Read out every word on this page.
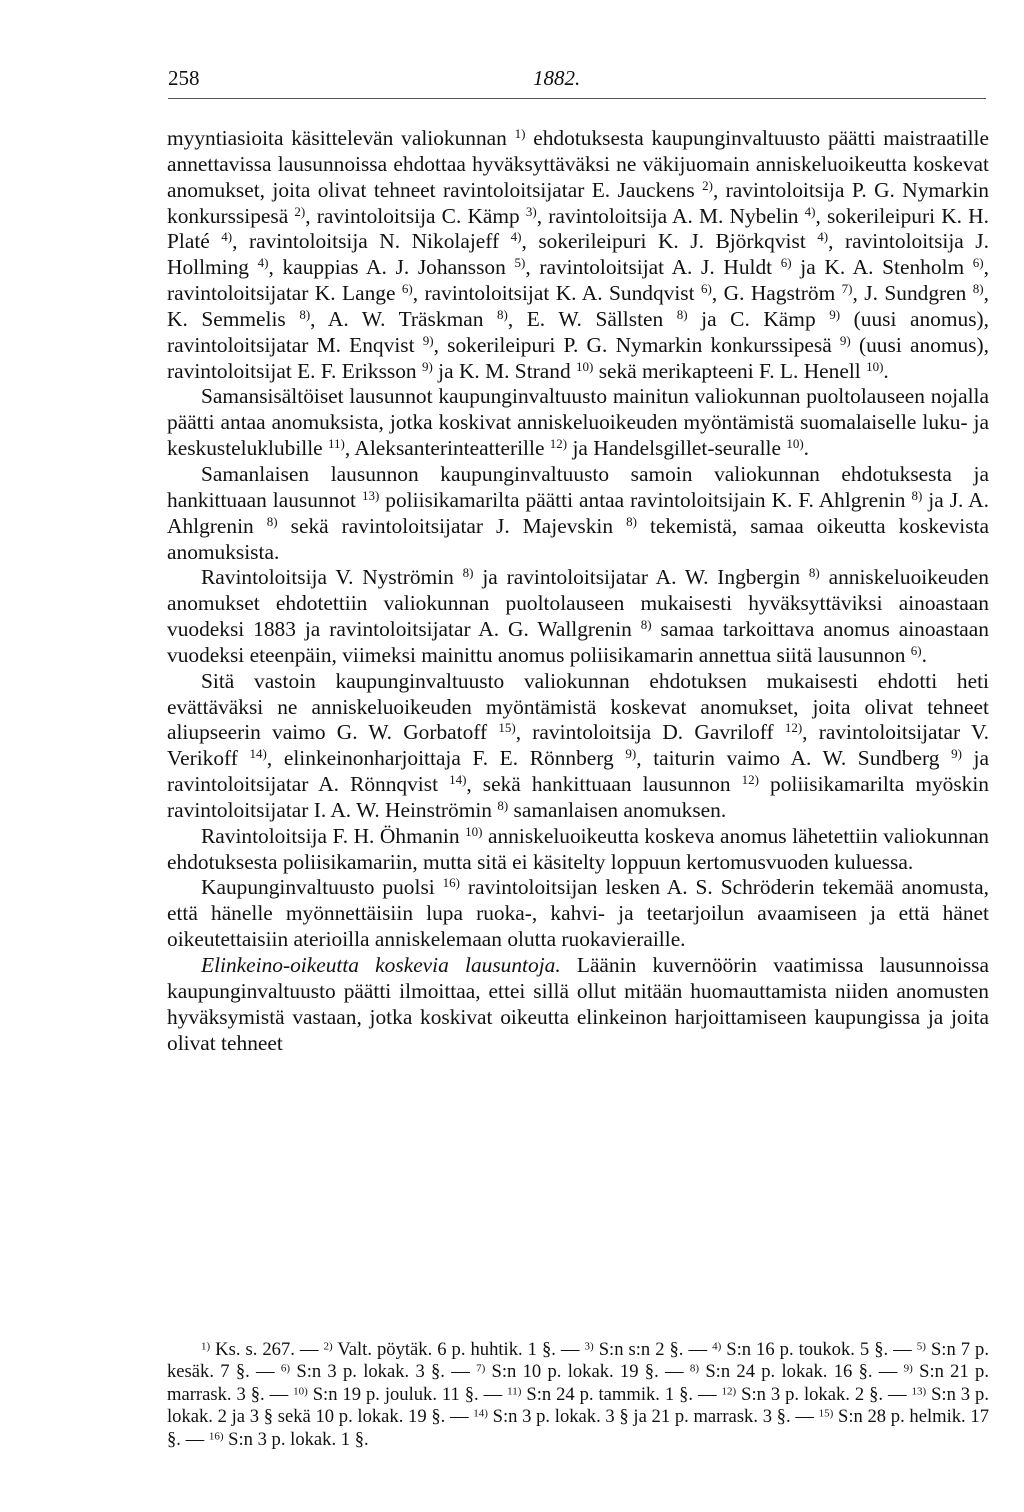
258	1882.

myyntiasioita käsittelevän valiokunnan $^{1)}$ ehdotuksesta kaupunginvaltuusto päätti maistraatille annettavissa lausunnoissa ehdottaa hyväksyttäväksi ne väkijuomain anniskeluoikeutta koskevat anomukset, joita olivat tehneet ravintoloitsijatar E. Jauckens $^{2)}$, ravintoloitsija P. G. Nymarkin konkurssipesä $^{2)}$, ravintoloitsija C. Kämp $^{3)}$, ravintoloitsija A. M. Nybelin $^{4)}$, sokerileipuri K. H. Platé $^{4)}$, ravintoloitsija N. Nikolajeff $^{4)}$, sokerileipuri K. J. Björkqvist $^{4)}$, ravintoloitsija J. Hollming $^{4)}$, kauppias A. J. Johansson $^{5)}$, ravintoloitsijat A. J. Huldt $^{6)}$ ja K. A. Stenholm $^{6)}$, ravintoloitsijatar K. Lange $^{6)}$, ravintoloitsijat K. A. Sundqvist $^{6)}$, G. Hagström $^{7)}$, J. Sundgren $^{8)}$, K. Semmelis $^{8)}$, A. W. Träskman $^{8)}$, E. W. Sällsten $^{8)}$ ja C. Kämp $^{9)}$ (uusi anomus), ravintoloitsijatar M. Enqvist $^{9)}$, sokerileipuri P. G. Nymarkin konkurssipesä $^{9)}$ (uusi anomus), ravintoloitsijat E. F. Eriksson $^{9)}$ ja K. M. Strand $^{10)}$ sekä merikapteeni F. L. Henell $^{10)}$.

Samansisältöiset lausunnot kaupunginvaltuusto mainitun valiokunnan puoltolauseen nojalla päätti antaa anomuksista, jotka koskivat anniskeluoikeuden myöntämistä suomalaiselle luku- ja keskusteluklubille $^{11)}$, Aleksanterinteatterille $^{12)}$ ja Handelsgillet-seuralle $^{10)}$.

Samanlaisen lausunnon kaupunginvaltuusto samoin valiokunnan ehdotuksesta ja hankittuaan lausunnot $^{13)}$ poliisikamarilta päätti antaa ravintoloitsijain K. F. Ahlgrenin $^{8)}$ ja J. A. Ahlgrenin $^{8)}$ sekä ravintoloitsijatar J. Majevskin $^{8)}$ tekemistä, samaa oikeutta koskevista anomuksista.

Ravintoloitsija V. Nyströmin $^{8)}$ ja ravintoloitsijatar A. W. Ingbergin $^{8)}$ anniskeluoikeuden anomukset ehdotettiin valiokunnan puoltolauseen mukaisesti hyväksyttäviksi ainoastaan vuodeksi 1883 ja ravintoloitsijatar A. G. Wallgrenin $^{8)}$ samaa tarkoittava anomus ainoastaan vuodeksi eteenpäin, viimeksi mainittu anomus poliisikamarin annettua siitä lausunnon $^{6)}$.

Sitä vastoin kaupunginvaltuusto valiokunnan ehdotuksen mukaisesti ehdotti heti evättäväksi ne anniskeluoikeuden myöntämistä koskevat anomukset, joita olivat tehneet aliupseerin vaimo G. W. Gorbatoff $^{15)}$, ravintoloitsija D. Gavriloff $^{12)}$, ravintoloitsijatar V. Verikoff $^{14)}$, elinkeinonharjoittaja F. E. Rönnberg $^{9)}$, taiturin vaimo A. W. Sundberg $^{9)}$ ja ravintoloitsijatar A. Rönnqvist $^{14)}$, sekä hankittuaan lausunnon $^{12)}$ poliisikamarilta myöskin ravintoloitsijatar I. A. W. Heinströmin $^{8)}$ samanlaisen anomuksen.

Ravintoloitsija F. H. Öhmanin $^{10)}$ anniskeluoikeutta koskeva anomus lähetettiin valiokunnan ehdotuksesta poliisikamariin, mutta sitä ei käsitelty loppuun kertomusvuoden kuluessa.

Kaupunginvaltuusto puolsi $^{16)}$ ravintoloitsijan lesken A. S. Schröderin tekemää anomusta, että hänelle myönnettäisiin lupa ruoka-, kahvi- ja teetarjoilun avaamiseen ja että hänet oikeutettaisiin aterioilla anniskelemaan olutta ruokavieraille.

Elinkeino-oikeutta koskevia lausuntoja. Läänin kuvernöörin vaatimissa lausunnoissa kaupunginvaltuusto päätti ilmoittaa, ettei sillä ollut mitään huomauttamista niiden anomusten hyväksymistä vastaan, jotka koskivat oikeutta elinkeinon harjoittamiseen kaupungissa ja joita olivat tehneet

$^{1)}$ Ks. s. 267. — $^{2)}$ Valt. pöytäk. 6 p. huhtik. 1 §. — $^{3)}$ S:n s:n 2 §. — $^{4)}$ S:n 16 p. toukok. 5 §. — $^{5)}$ S:n 7 p. kesäk. 7 §. — $^{6)}$ S:n 3 p. lokak. 3 §. — $^{7)}$ S:n 10 p. lokak. 19 §. — $^{8)}$ S:n 24 p. lokak. 16 §. — $^{9)}$ S:n 21 p. marrask. 3 §. — $^{10)}$ S:n 19 p. jouluk. 11 §. — $^{11)}$ S:n 24 p. tammik. 1 §. — $^{12)}$ S:n 3 p. lokak. 2 §. — $^{13)}$ S:n 3 p. lokak. 2 ja 3 § sekä 10 p. lokak. 19 §. — $^{14)}$ S:n 3 p. lokak. 3 § ja 21 p. marrask. 3 §. — $^{15)}$ S:n 28 p. helmik. 17 §. — $^{16)}$ S:n 3 p. lokak. 1 §.
